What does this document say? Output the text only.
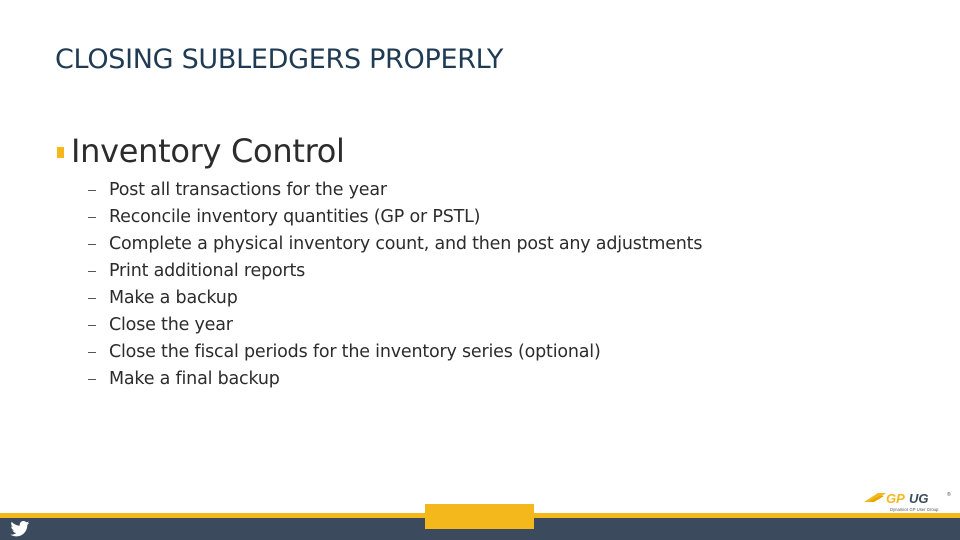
CLOSING SUBLEDGERS PROPERLY
Inventory Control
Post all transactions for the year
Reconcile inventory quantities (GP or PSTL)
Complete a physical inventory count, and then post any adjustments
Print additional reports
Make a backup
Close the year
Close the fiscal periods for the inventory series (optional)
Make a final backup
GP UG	®
Dynamics GP User Group
